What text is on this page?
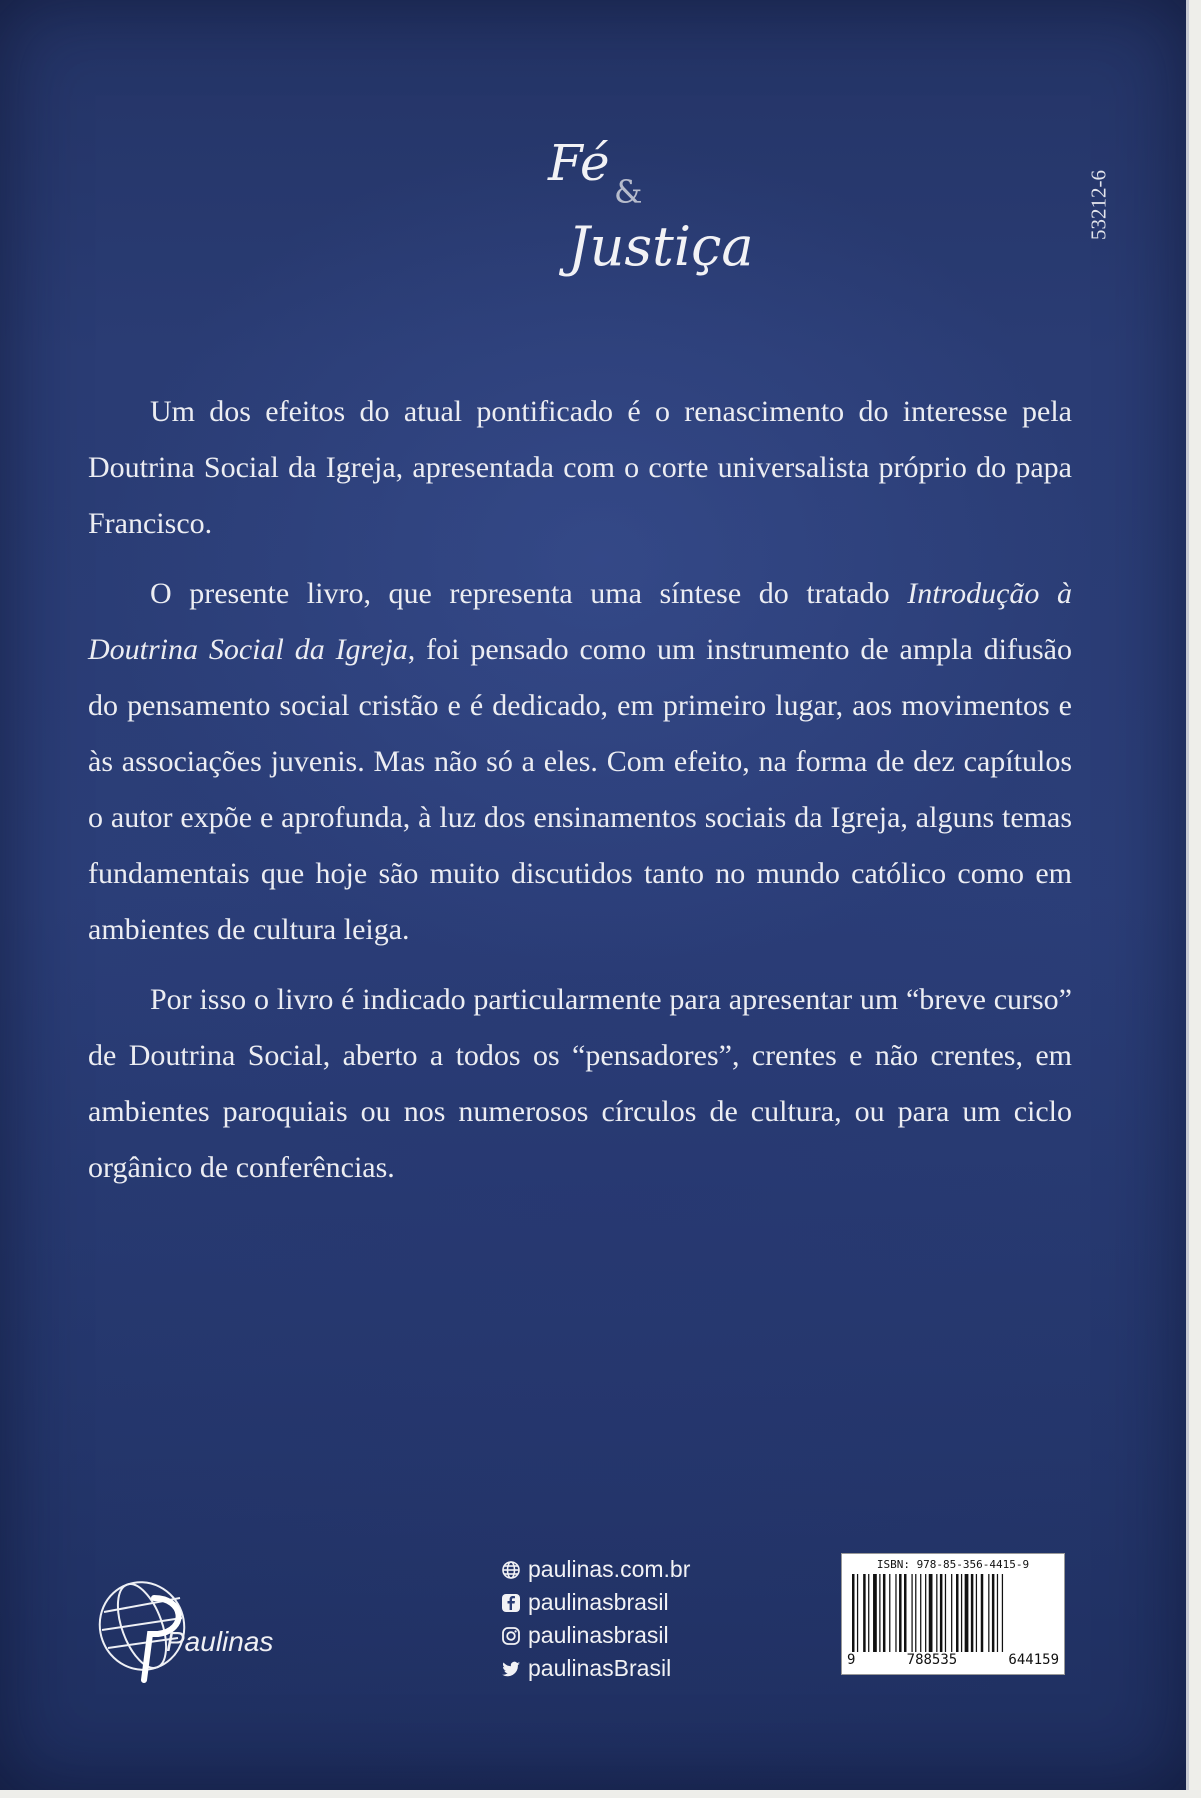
Fé &
Justiça
53212-6

Um dos efeitos do atual pontificado é o renascimento do interesse pela Doutrina Social da Igreja, apresentada com o corte universalista próprio do papa Francisco.

O presente livro, que representa uma síntese do tratado Introdução à Doutrina Social da Igreja, foi pensado como um instrumento de ampla difusão do pensamento social cristão e é dedicado, em primeiro lugar, aos movimentos e às associações juvenis. Mas não só a eles. Com efeito, na forma de dez capítulos o autor expõe e aprofunda, à luz dos ensinamentos sociais da Igreja, alguns temas fundamentais que hoje são muito discutidos tanto no mundo católico como em ambientes de cultura leiga.

Por isso o livro é indicado particularmente para apresentar um “breve curso” de Doutrina Social, aberto a todos os “pensadores”, crentes e não crentes, em ambientes paroquiais ou nos numerosos círculos de cultura, ou para um ciclo orgânico de conferências.

Paulinas
paulinas.com.br
paulinasbrasil
paulinasbrasil
paulinasBrasil
ISBN: 978-85-356-4415-9
9	788535	644159
